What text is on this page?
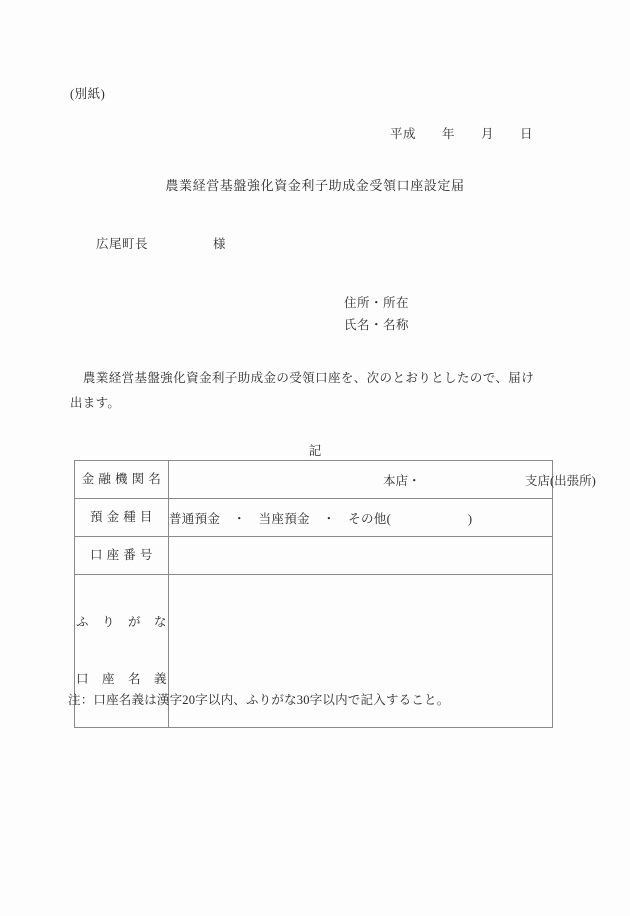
(別紙)
平成　　年　　月　　日
農業経営基盤強化資金利子助成金受領口座設定届
広尾町長　　　　　様
住所・所在
氏名・名称
　農業経営基盤強化資金利子助成金の受領口座を、次のとおりとしたので、届け出ます。
記
金 融 機 関 名	本店・ 支店(出張所)

預 金 種 目	普通預金　・　当座預金　・　その他(　　　　　　)
口 座 番 号	

ふ　り　が　な

口　座　名　義	

注：口座名義は漢字20字以内、ふりがな30字以内で記入すること。
